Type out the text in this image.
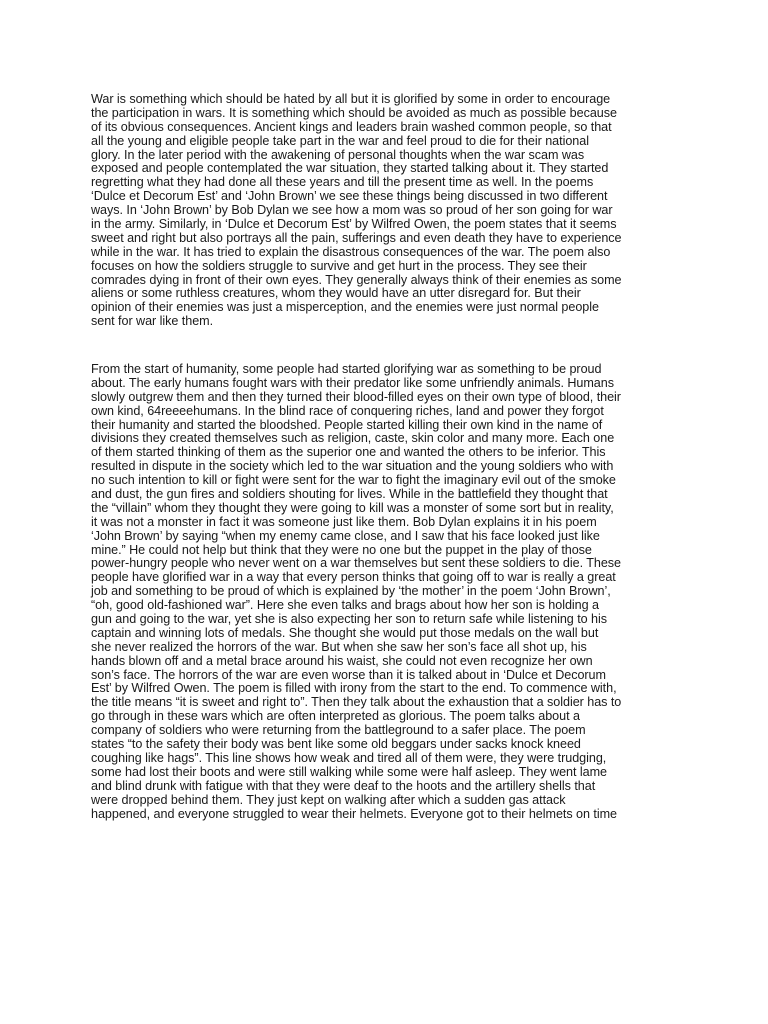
War is something which should be hated by all but it is glorified by some in order to encourage
the participation in wars. It is something which should be avoided as much as possible because
of its obvious consequences. Ancient kings and leaders brain washed common people, so that
all the young and eligible people take part in the war and feel proud to die for their national
glory. In the later period with the awakening of personal thoughts when the war scam was
exposed and people contemplated the war situation, they started talking about it. They started
regretting what they had done all these years and till the present time as well. In the poems
‘Dulce et Decorum Est’ and ‘John Brown’ we see these things being discussed in two different
ways. In ‘John Brown’ by Bob Dylan we see how a mom was so proud of her son going for war
in the army. Similarly, in ‘Dulce et Decorum Est’ by Wilfred Owen, the poem states that it seems
sweet and right but also portrays all the pain, sufferings and even death they have to experience
while in the war. It has tried to explain the disastrous consequences of the war. The poem also
focuses on how the soldiers struggle to survive and get hurt in the process. They see their
comrades dying in front of their own eyes. They generally always think of their enemies as some
aliens or some ruthless creatures, whom they would have an utter disregard for. But their
opinion of their enemies was just a misperception, and the enemies were just normal people
sent for war like them.
From the start of humanity, some people had started glorifying war as something to be proud
about. The early humans fought wars with their predator like some unfriendly animals. Humans
slowly outgrew them and then they turned their blood-filled eyes on their own type of blood, their
own kind, 64reeeehumans. In the blind race of conquering riches, land and power they forgot
their humanity and started the bloodshed. People started killing their own kind in the name of
divisions they created themselves such as religion, caste, skin color and many more. Each one
of them started thinking of them as the superior one and wanted the others to be inferior. This
resulted in dispute in the society which led to the war situation and the young soldiers who with
no such intention to kill or fight were sent for the war to fight the imaginary evil out of the smoke
and dust, the gun fires and soldiers shouting for lives. While in the battlefield they thought that
the “villain” whom they thought they were going to kill was a monster of some sort but in reality,
it was not a monster in fact it was someone just like them. Bob Dylan explains it in his poem
‘John Brown’ by saying “when my enemy came close, and I saw that his face looked just like
mine.” He could not help but think that they were no one but the puppet in the play of those
power-hungry people who never went on a war themselves but sent these soldiers to die. These
people have glorified war in a way that every person thinks that going off to war is really a great
job and something to be proud of which is explained by ‘the mother’ in the poem ‘John Brown’,
“oh, good old-fashioned war”. Here she even talks and brags about how her son is holding a
gun and going to the war, yet she is also expecting her son to return safe while listening to his
captain and winning lots of medals. She thought she would put those medals on the wall but
she never realized the horrors of the war. But when she saw her son’s face all shot up, his
hands blown off and a metal brace around his waist, she could not even recognize her own
son’s face. The horrors of the war are even worse than it is talked about in ‘Dulce et Decorum
Est’ by Wilfred Owen. The poem is filled with irony from the start to the end. To commence with,
the title means “it is sweet and right to”. Then they talk about the exhaustion that a soldier has to
go through in these wars which are often interpreted as glorious. The poem talks about a
company of soldiers who were returning from the battleground to a safer place. The poem
states “to the safety their body was bent like some old beggars under sacks knock kneed
coughing like hags”. This line shows how weak and tired all of them were, they were trudging,
some had lost their boots and were still walking while some were half asleep. They went lame
and blind drunk with fatigue with that they were deaf to the hoots and the artillery shells that
were dropped behind them. They just kept on walking after which a sudden gas attack
happened, and everyone struggled to wear their helmets. Everyone got to their helmets on time
